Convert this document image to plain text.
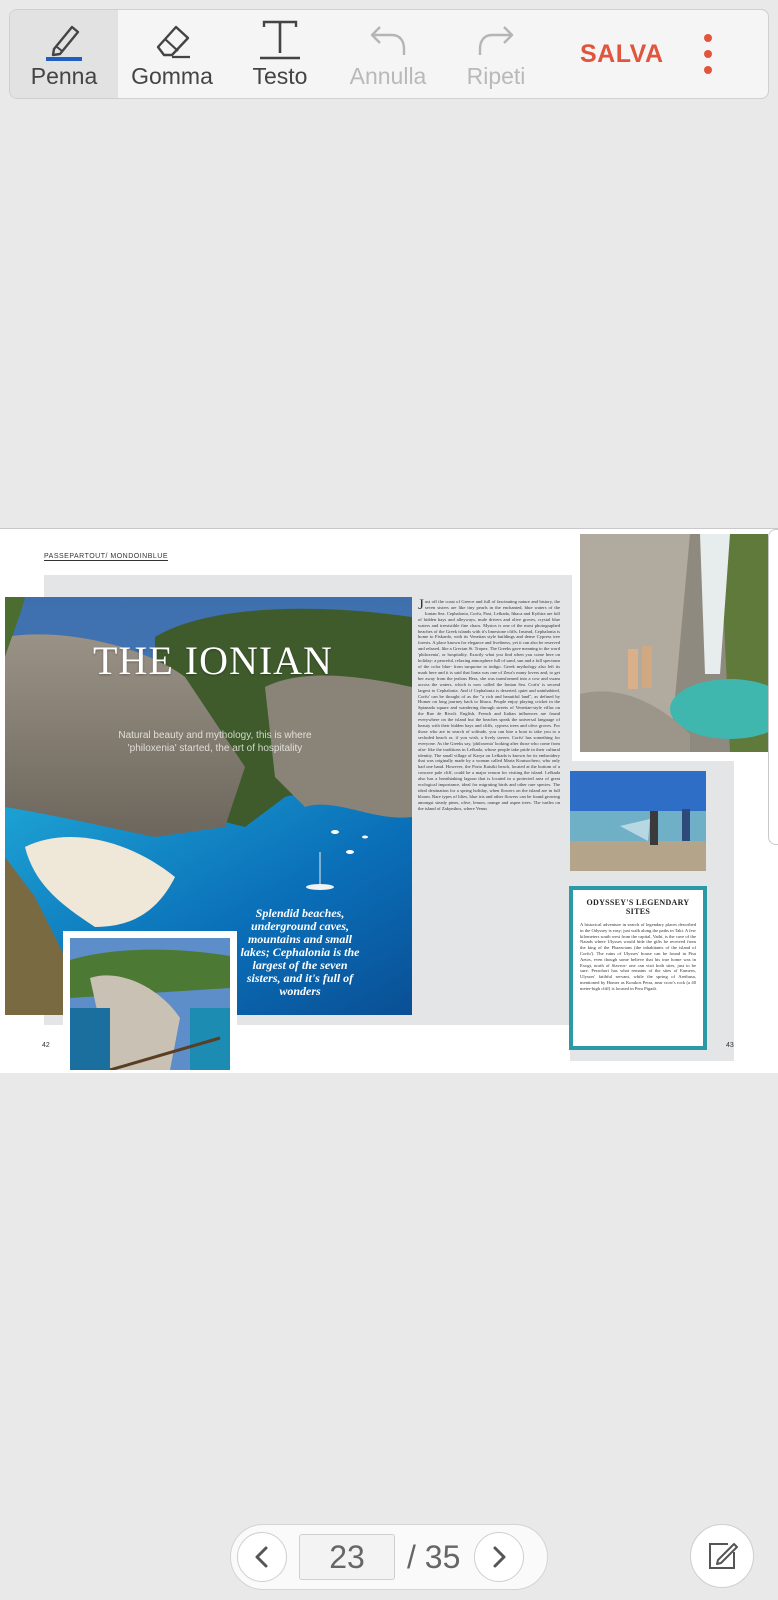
Penna Gomma Testo Annulla Ripeti
SALVA
PASSEPARTOUT/ MONDOINBLUE
THE IONIAN
Natural beauty and mythology, this is where 'philoxenia' started, the art of hospitality
Splendid beaches, underground caves, mountains and small lakes; Cephalonia is the largest of the seven sisters, and it's full of wonders
Just off the coast of Greece and full of fascinating nature and history, the seven sisters are like tiny pearls in the enchanted, blue waters of the Ionian Sea. Cephalonia, Corfu, Paxi, Lefkada, Ithaca and Kythira are full of hidden bays and alleyways, mule drivers and olive groves, crystal blue waters and irresistible fine chaos. Mystos is one of the most photographed beaches of the Greek islands with it's limestone cliffs. Instead, Cephalonia is home to Fiskardo, with its Venetian style buildings and dense Cypress tree forests. A place known for elegance and liveliness, yet it can also be reserved and relaxed, like a Grecian St. Tropez. The Greeks gave meaning to the word 'philoxenia', or hospitality. Exactly what you find when you come here on holiday: a peaceful, relaxing atmosphere full of sand, sun and a full spectrum of the color blue- from turquoise to indigo. Greek mythology also left its mark here and it is said that Ionia was one of Zeus's many lovers and, to get her away from the jealous Hera, she was transformed into a cow and swam across the waters, which is now called the Ionian Sea. Corfu' is second largest to Cephalonia. And if Cephalonia is deserted, quiet and uninhabited, Corfu' can be thought of as the "a rich and beautiful land", as defined by Homer on long journey back to Ithaca. People enjoy playing cricket in the Spianada square and wandering through streets of Venetian-style villas on the Rue de Rivoli. English, French and Italian influences are found everywhere on the island but the beaches speak the universal language of beauty with their hidden bays and cliffs, cypress trees and olive groves. For those who are in search of solitude, you can hire a boat to take you to a secluded beach or, if you wish, a lively tavern. Corfu' has something for everyone. As the Greeks say, 'philoxenia' looking after those who come from afar- like the traditions in Lefkada, whose people take pride in their cultural identity. The small village of Karya on Lefkada is known for its embroidery that was originally made by a woman called Maria Koutsochero, who only had one hand. However, the Porto Katsiki beach, located at the bottom of a concave pale cliff, could be a major reason for visiting the island. Lefkada also has a breathtaking lagoon that is located in a protected area of great ecological importance, ideal for migrating birds and other rare species. The ideal destination for a spring holiday, when flowers on the island are in full bloom. Rare types of lilies, blue iris and other flowers can be found growing amongst steady pines, olive, lemon, orange and aspen trees. The turtles on the island of Zakynthos, where Venus
ODYSSEY'S LEGENDARY SITES

A historical adventure in search of legendary places described in the Odyssey is easy; just walk along the paths in Taki. A few kilometers south west from the capital, Vathi, is the cave of the Naiads where Ulysses would hide the gifts he received from the king of the Phaeacians (the inhabitants of the island of Corfu'). The ruins of Ulysses' house can be found in Pisa Aetos, even though some believe that his true home was in Exogi, north of Stavros- one can visit both sites, just to be sure. Perachori has what remains of the sites of Eumeos, Ulysses' faithful servant, while the spring of Arethusa, mentioned by Homer as Korakos Petra, near crow's rock (a 40 meter-high cliff) is located in Pera Pigadi.

42	43
23	/ 35
